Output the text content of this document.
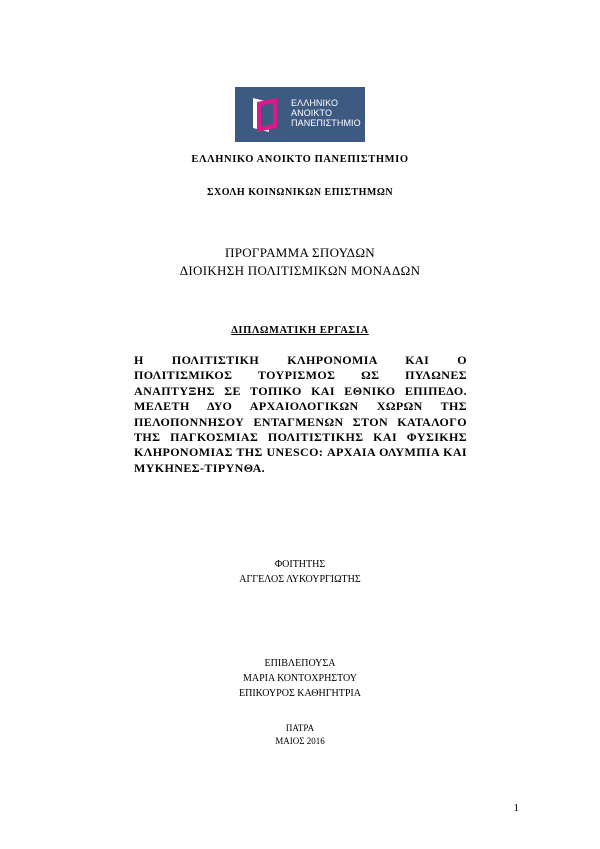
ΕΛΛΗΝΙΚΟ
ΑΝΟΙΚΤΟ
ΠΑΝΕΠΙΣΤΗΜΙΟ
ΕΛΛΗΝΙΚΟ ΑΝΟΙΚΤΟ ΠΑΝΕΠΙΣΤΗΜΙΟ
ΣΧΟΛΗ ΚΟΙΝΩΝΙΚΩΝ ΕΠΙΣΤΗΜΩΝ
ΠΡΟΓΡΑΜΜΑ ΣΠΟΥΔΩΝ
ΔΙΟΙΚΗΣΗ ΠΟΛΙΤΙΣΜΙΚΩΝ ΜΟΝΑΔΩΝ
ΔΙΠΛΩΜΑΤΙΚΗ ΕΡΓΑΣΙΑ
Η ΠΟΛΙΤΙΣΤΙΚΗ ΚΛΗΡΟΝΟΜΙΑ ΚΑΙ Ο
ΠΟΛΙΤΙΣΜΙΚΟΣ ΤΟΥΡΙΣΜΟΣ ΩΣ ΠΥΛΩΝΕΣ
ΑΝΑΠΤΥΞΗΣ ΣΕ ΤΟΠΙΚΟ ΚΑΙ ΕΘΝΙΚΟ ΕΠΙΠΕΔΟ.
ΜΕΛΕΤΗ ΔΥΟ ΑΡΧΑΙΟΛΟΓΙΚΩΝ ΧΩΡΩΝ ΤΗΣ
ΠΕΛΟΠΟΝΝΗΣΟΥ ΕΝΤΑΓΜΕΝΩΝ ΣΤΟΝ ΚΑΤΑΛΟΓΟ
ΤΗΣ ΠΑΓΚΟΣΜΙΑΣ ΠΟΛΙΤΙΣΤΙΚΗΣ ΚΑΙ ΦΥΣΙΚΗΣ
ΚΛΗΡΟΝΟΜΙΑΣ ΤΗΣ UNESCO: ΑΡΧΑΙΑ ΟΛΥΜΠΙΑ ΚΑΙ
ΜΥΚΗΝΕΣ-ΤΙΡΥΝΘΑ.
ΦΟΙΤΗΤΗΣ
ΑΓΓΕΛΟΣ ΛΥΚΟΥΡΓΙΩΤΗΣ
ΕΠΙΒΛΕΠΟΥΣΑ
ΜΑΡΙΑ ΚΟΝΤΟΧΡΗΣΤΟΥ
ΕΠΙΚΟΥΡΟΣ ΚΑΘΗΓΗΤΡΙΑ
ΠΑΤΡΑ
ΜΑΙΟΣ 2016
1
